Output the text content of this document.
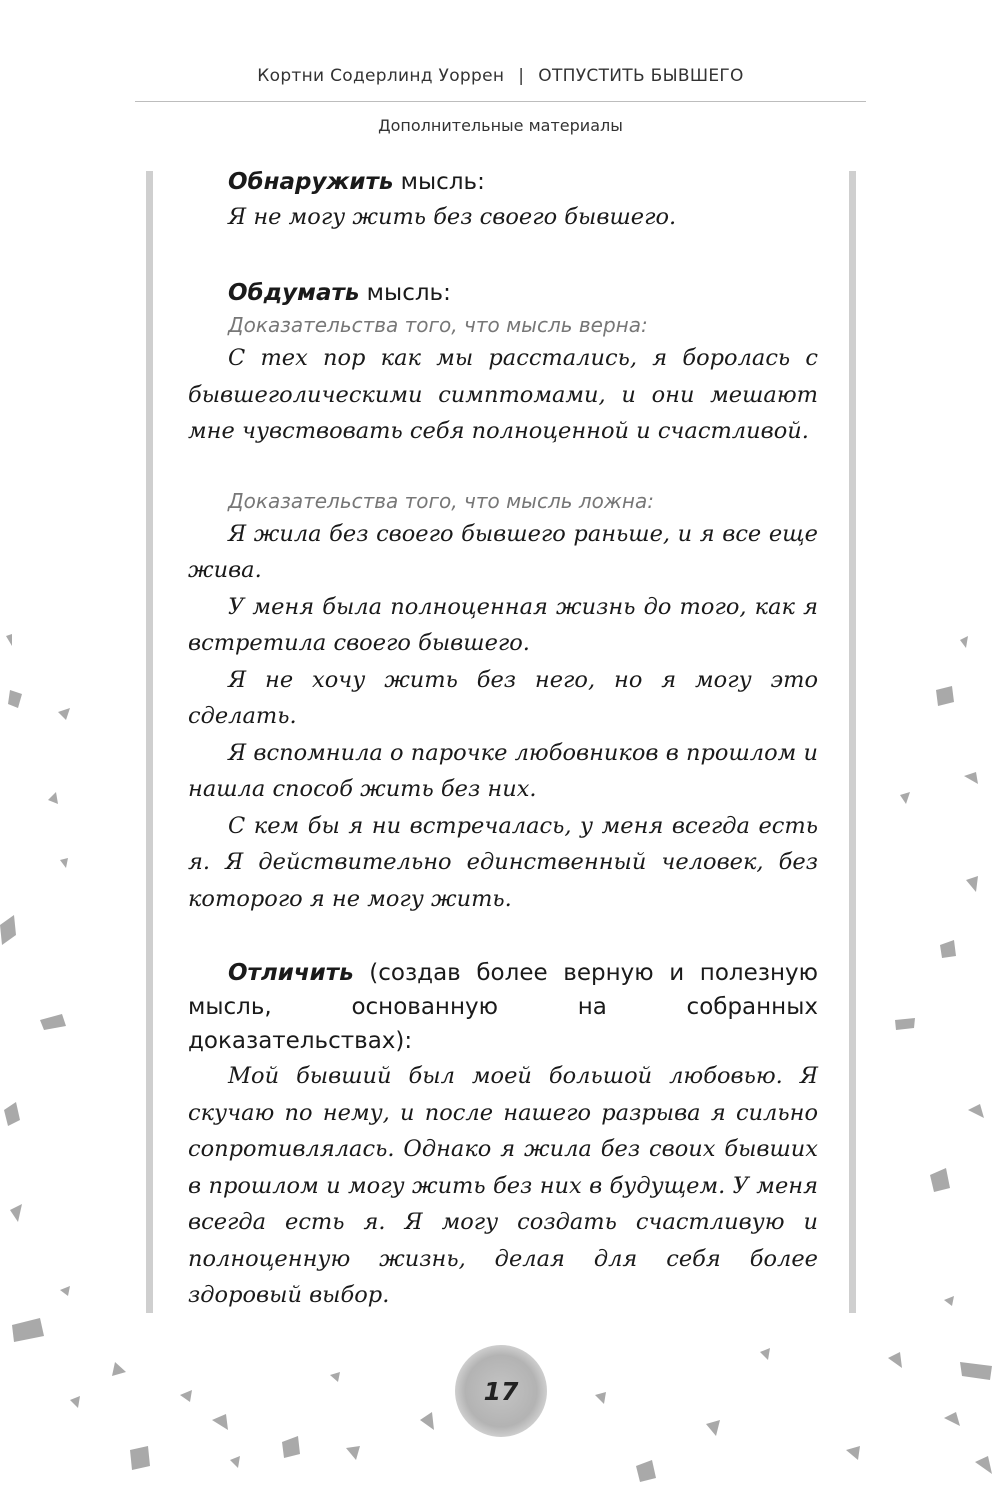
Кортни Содерлинд Уоррен | ОТПУСТИТЬ БЫВШЕГО
Дополнительные материалы

Обнаружить мысль:

Я не могу жить без своего бывшего.

Обдумать мысль:

Доказательства того, что мысль верна:

С тех пор как мы расстались, я боролась с бывшеголическими симптомами, и они мешают мне чувствовать себя полноценной и счастливой.

Доказательства того, что мысль ложна:

Я жила без своего бывшего раньше, и я все еще жива.

У меня была полноценная жизнь до того, как я встретила своего бывшего.

Я не хочу жить без него, но я могу это сделать.

Я вспомнила о парочке любовников в прошлом и нашла способ жить без них.

С кем бы я ни встречалась, у меня всегда есть я. Я действительно единственный человек, без которого я не могу жить.

Отличить (создав более верную и полезную мысль, основанную на собранных доказательствах):

Мой бывший был моей большой любовью. Я скучаю по нему, и после нашего разрыва я сильно сопротивлялась. Однако я жила без своих бывших в прошлом и могу жить без них в будущем. У меня всегда есть я. Я могу создать счастливую и полноценную жизнь, делая для себя более здоровый выбор.

17
